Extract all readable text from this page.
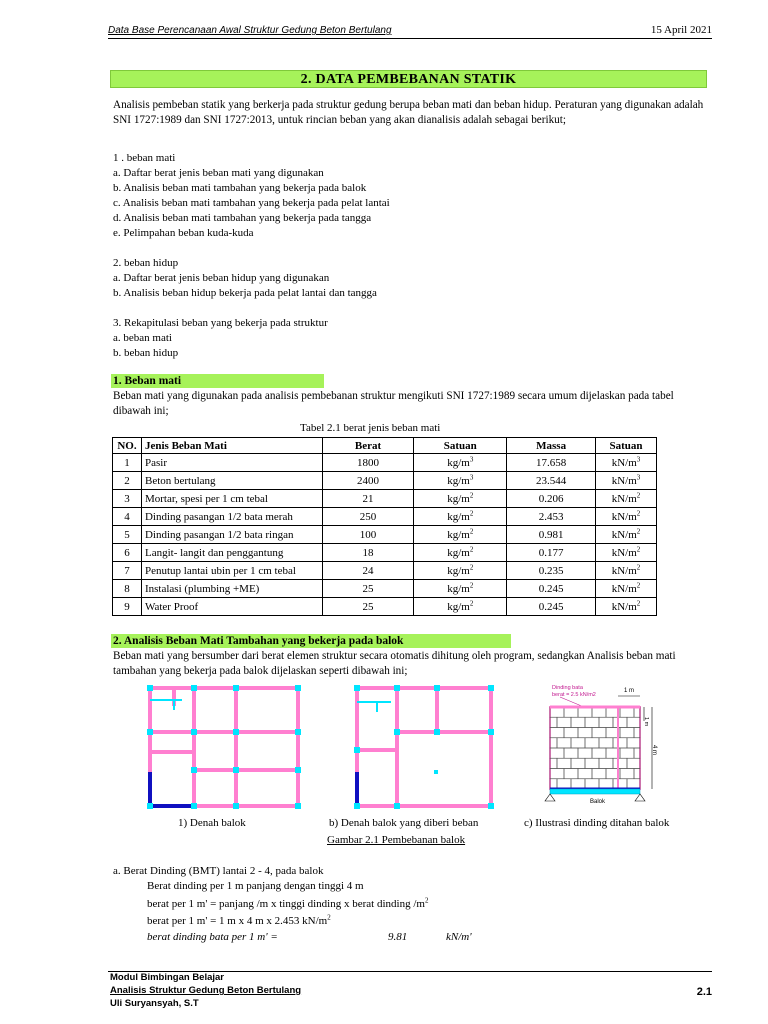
Data Base Perencanaan Awal Struktur Gedung Beton Bertulang	15 April 2021
2. DATA PEMBEBANAN STATIK
Analisis pembeban statik yang berkerja pada struktur gedung berupa beban mati dan beban hidup. Peraturan yang digunakan adalah SNI 1727:1989 dan SNI 1727:2013, untuk rincian beban yang akan dianalisis adalah sebagai berikut;
1 . beban mati
a. Daftar berat jenis beban mati yang digunakan
b. Analisis beban mati tambahan yang bekerja pada balok
c. Analisis beban mati tambahan yang bekerja pada pelat lantai
d. Analisis beban mati tambahan yang bekerja pada tangga
e. Pelimpahan beban kuda-kuda
2. beban hidup
a. Daftar berat jenis beban hidup yang digunakan
b. Analisis beban hidup bekerja pada pelat lantai dan tangga
3. Rekapitulasi beban yang bekerja pada struktur
a. beban mati
b. beban hidup
1. Beban mati
Beban mati yang digunakan pada analisis pembebanan struktur mengikuti SNI 1727:1989 secara umum dijelaskan pada tabel dibawah ini;
Tabel 2.1 berat jenis beban mati
NO.	Jenis Beban Mati	Berat	Satuan	Massa	Satuan
1	Pasir	1800	$kg/m^3$	17.658	$kN/m^3$
2	Beton bertulang	2400	$kg/m^3$	23.544	$kN/m^3$
3	Mortar, spesi per 1 cm tebal	21	$kg/m^2$	0.206	$kN/m^2$
4	Dinding pasangan 1/2 bata merah	250	$kg/m^2$	2.453	$kN/m^2$
5	Dinding pasangan 1/2 bata ringan	100	$kg/m^2$	0.981	$kN/m^2$
6	Langit- langit dan penggantung	18	$kg/m^2$	0.177	$kN/m^2$
7	Penutup lantai ubin per 1 cm tebal	24	$kg/m^2$	0.235	$kN/m^2$
8	Instalasi (plumbing +ME)	25	$kg/m^2$	0.245	$kN/m^2$
9	Water Proof	25	$kg/m^2$	0.245	$kN/m^2$
2. Analisis Beban Mati Tambahan yang bekerja pada balok
Beban mati yang bersumber dari berat elemen struktur secara otomatis dihitung oleh program, sedangkan Analisis beban mati tambahan yang bekerja pada balok dijelaskan seperti dibawah ini;
Dinding bata
berat = 2.5 kN/m2
1 m
Balok
1 m
4 m
1) Denah balok	b) Denah balok yang diberi beban	c) Ilustrasi dinding ditahan balok
Gambar 2.1 Pembebanan balok
a. Berat Dinding (BMT) lantai 2 - 4, pada balok
Berat dinding per 1 m panjang dengan tinggi 4 m
berat per 1 m' = panjang /m x tinggi dinding x berat dinding $/m^2$
berat per 1 m' = 1 m x 4 m x 2.453 $kN/m^2$
berat dinding bata per 1 m' =	9.81	kN/m'
Modul Bimbingan Belajar
Analisis Struktur Gedung Beton Bertulang
Uli Suryansyah, S.T
2.1
